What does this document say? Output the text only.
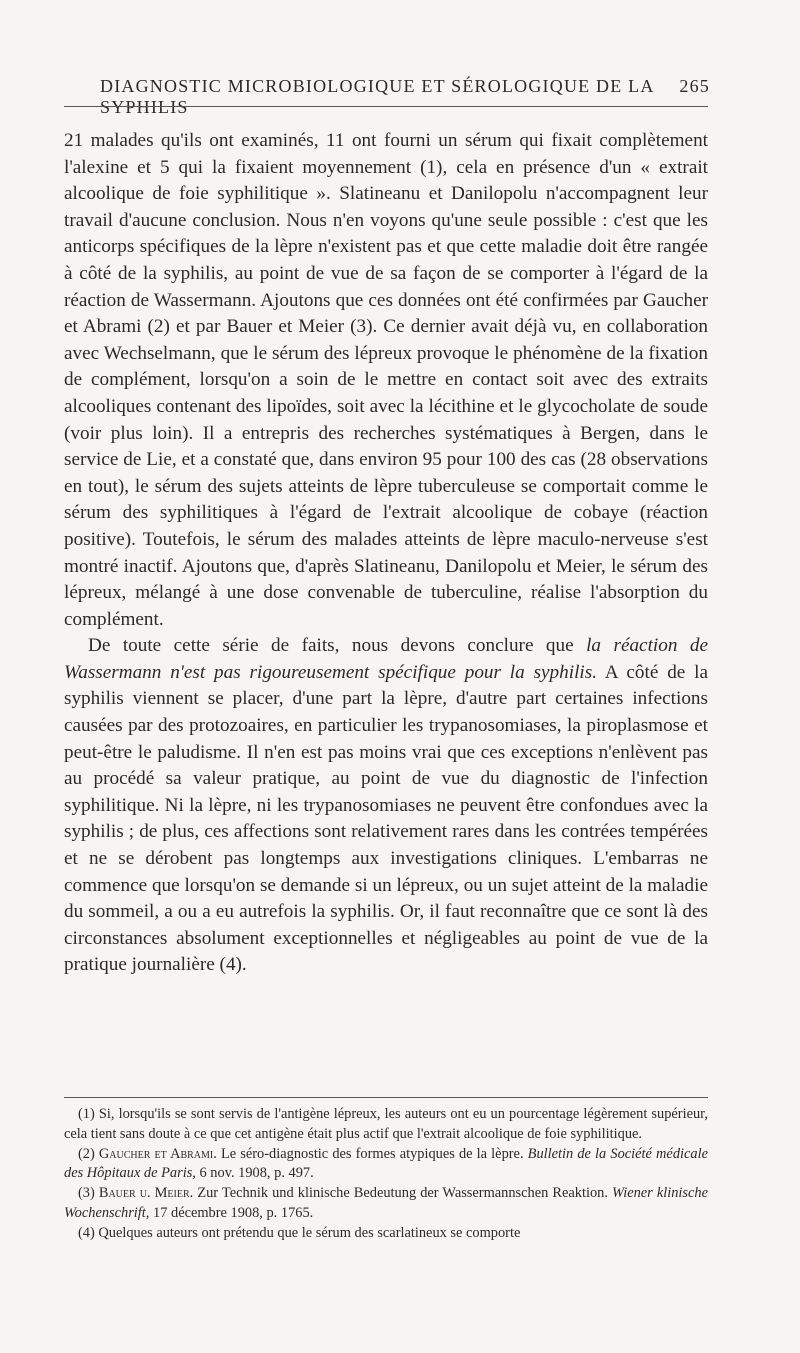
DIAGNOSTIC MICROBIOLOGIQUE ET SÉROLOGIQUE DE LA SYPHILIS
265

21 malades qu'ils ont examinés, 11 ont fourni un sérum qui fixait complètement l'alexine et 5 qui la fixaient moyennement (1), cela en présence d'un « extrait alcoolique de foie syphilitique ». Slatineanu et Danilopolu n'accompagnent leur travail d'aucune conclusion. Nous n'en voyons qu'une seule possible : c'est que les anticorps spécifiques de la lèpre n'existent pas et que cette maladie doit être rangée à côté de la syphilis, au point de vue de sa façon de se comporter à l'égard de la réaction de Wassermann. Ajoutons que ces données ont été confirmées par Gaucher et Abrami (2) et par Bauer et Meier (3). Ce dernier avait déjà vu, en collaboration avec Wechselmann, que le sérum des lépreux provoque le phénomène de la fixation de complément, lorsqu'on a soin de le mettre en contact soit avec des extraits alcooliques contenant des lipoïdes, soit avec la lécithine et le glycocholate de soude (voir plus loin). Il a entrepris des recherches systématiques à Bergen, dans le service de Lie, et a constaté que, dans environ 95 pour 100 des cas (28 observations en tout), le sérum des sujets atteints de lèpre tuberculeuse se comportait comme le sérum des syphilitiques à l'égard de l'extrait alcoolique de cobaye (réaction positive). Toutefois, le sérum des malades atteints de lèpre maculo-nerveuse s'est montré inactif. Ajoutons que, d'après Slatineanu, Danilopolu et Meier, le sérum des lépreux, mélangé à une dose convenable de tuberculine, réalise l'absorption du complément.

De toute cette série de faits, nous devons conclure que la réaction de Wassermann n'est pas rigoureusement spécifique pour la syphilis. A côté de la syphilis viennent se placer, d'une part la lèpre, d'autre part certaines infections causées par des protozoaires, en particulier les trypanosomiases, la piroplasmose et peut-être le paludisme. Il n'en est pas moins vrai que ces exceptions n'enlèvent pas au procédé sa valeur pratique, au point de vue du diagnostic de l'infection syphilitique. Ni la lèpre, ni les trypanosomiases ne peuvent être confondues avec la syphilis ; de plus, ces affections sont relativement rares dans les contrées tempérées et ne se dérobent pas longtemps aux investigations cliniques. L'embarras ne commence que lorsqu'on se demande si un lépreux, ou un sujet atteint de la maladie du sommeil, a ou a eu autrefois la syphilis. Or, il faut reconnaître que ce sont là des circonstances absolument exceptionnelles et négligeables au point de vue de la pratique journalière (4).

(1) Si, lorsqu'ils se sont servis de l'antigène lépreux, les auteurs ont eu un pourcentage légèrement supérieur, cela tient sans doute à ce que cet antigène était plus actif que l'extrait alcoolique de foie syphilitique.

(2) Gaucher et Abrami. Le séro-diagnostic des formes atypiques de la lèpre. Bulletin de la Société médicale des Hôpitaux de Paris, 6 nov. 1908, p. 497.

(3) Bauer u. Meier. Zur Technik und klinische Bedeutung der Wassermannschen Reaktion. Wiener klinische Wochenschrift, 17 décembre 1908, p. 1765.

(4) Quelques auteurs ont prétendu que le sérum des scarlatineux se comporte
